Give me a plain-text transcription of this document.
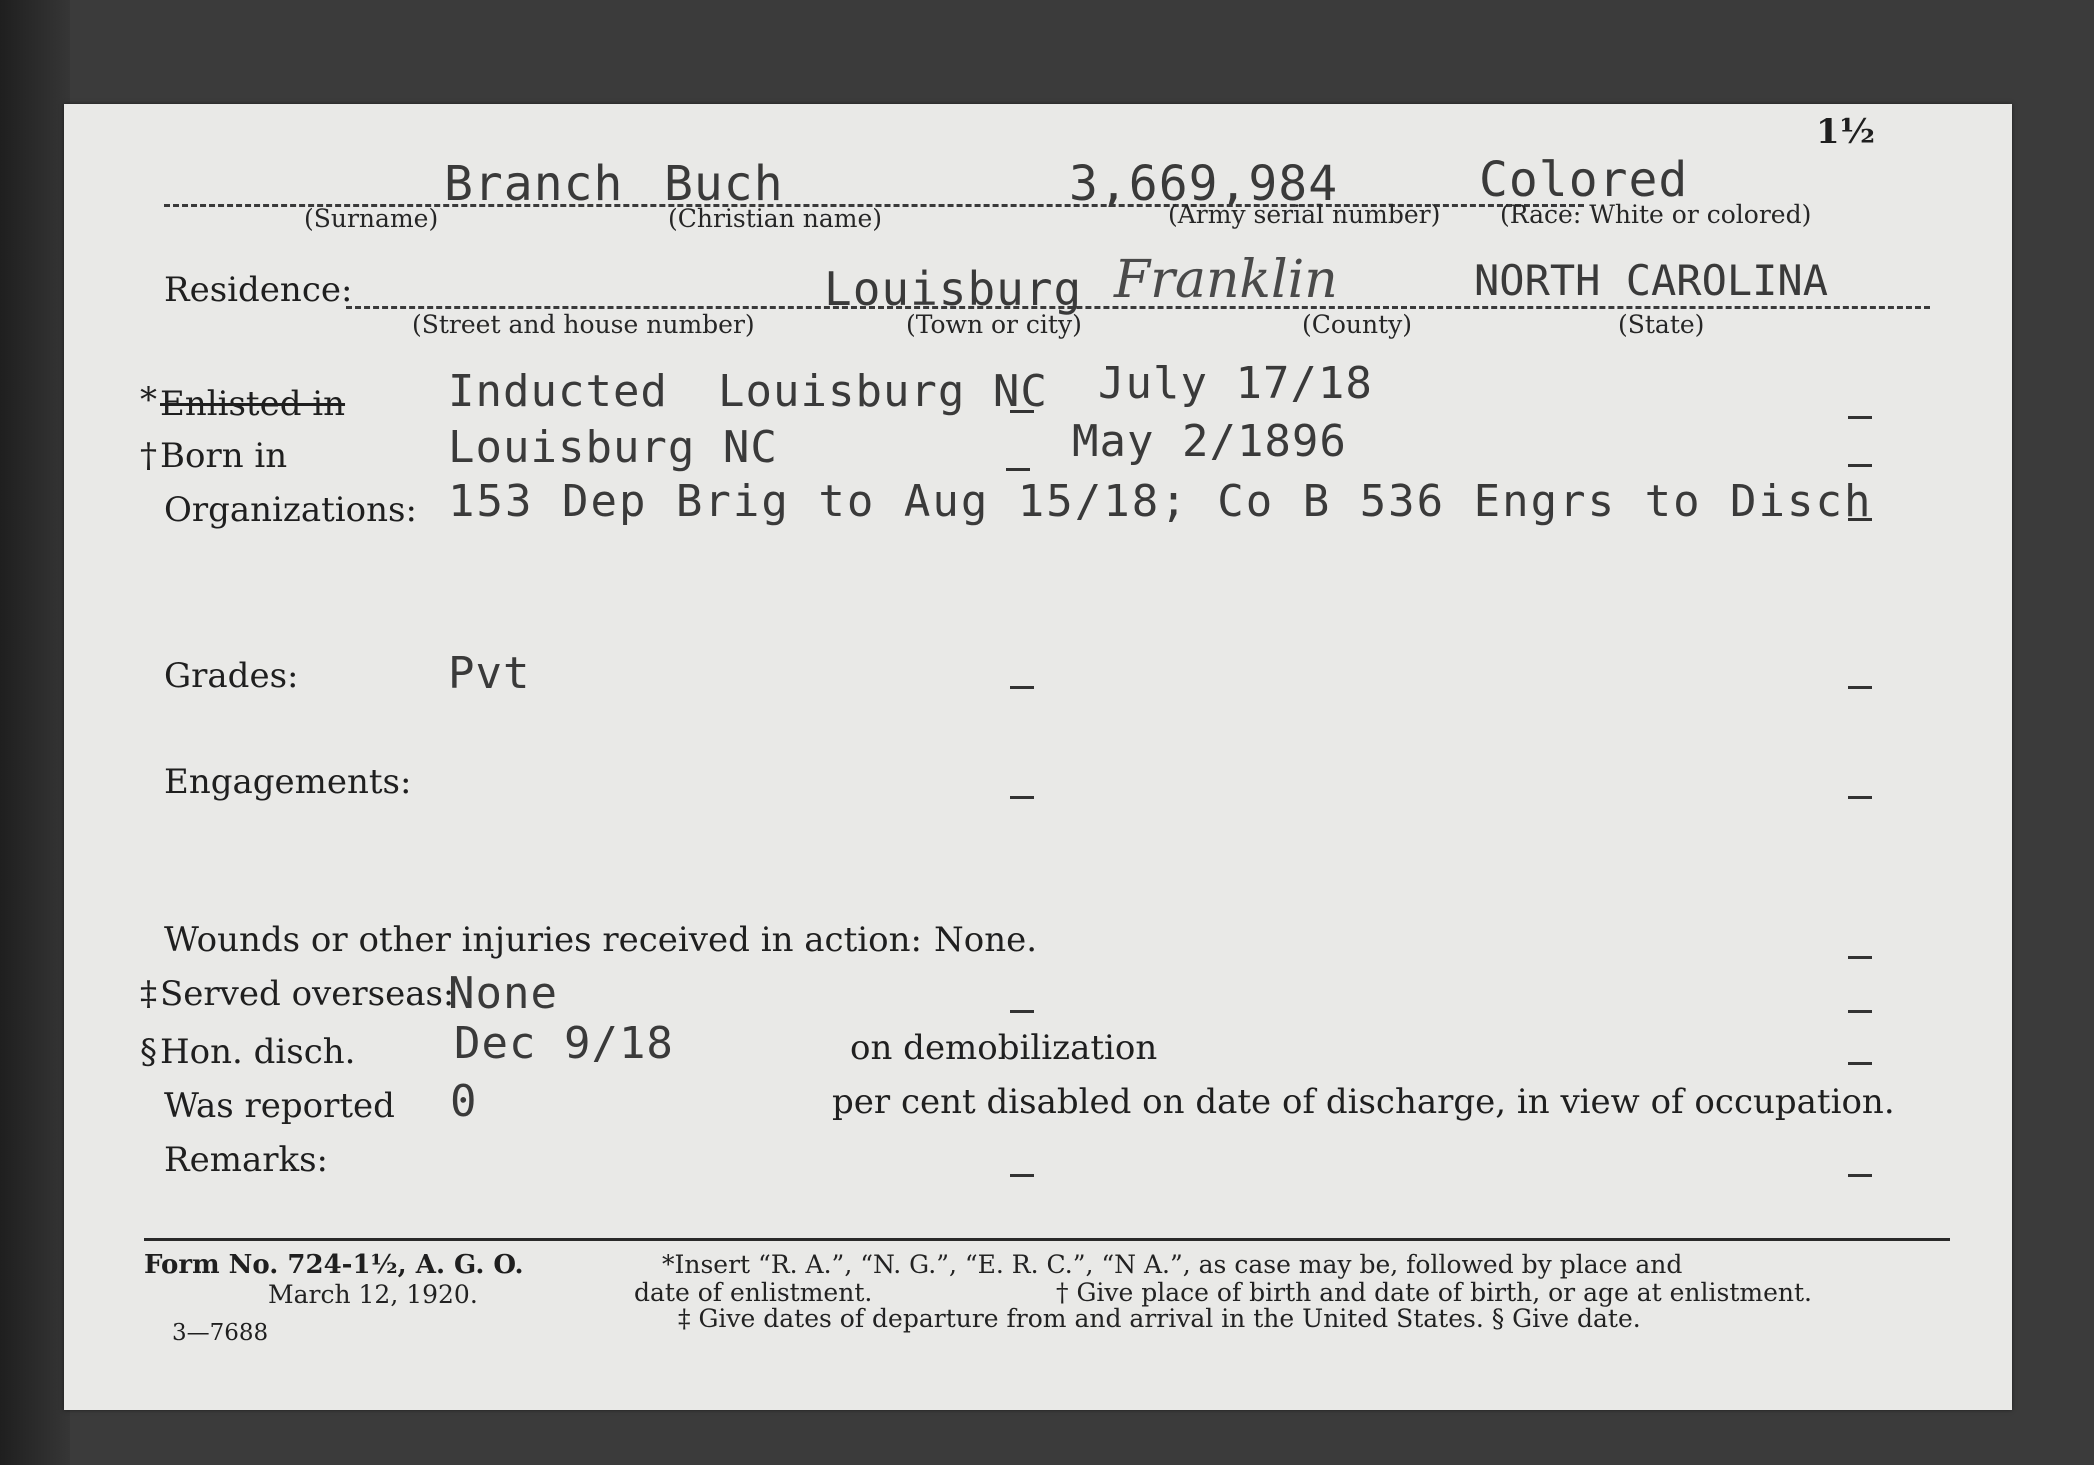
1½
Branch Buch	3,669,984	Colored
(Surname)	(Christian name)	(Army serial number) (Race: White or colored)
Residence:	Louisburg Franklin	NORTH CAROLINA
(Street and house number)	(Town or city)	(County)	(State)
* Enlisted in Inducted Louisburg NC July 17/18
† Born in	Louisburg NC	May 2/1896
Organizations: 153 Dep Brig to Aug 15/18; Co B 536 Engrs to Disch
Grades:	Pvt
Engagements:
Wounds or other injuries received in action: None.
‡ Served overseas:
None
§ Hon. disch. Dec 9/18	on demobilization
Was reported 0	per cent disabled on date of discharge, in view of occupation.
Remarks:
Form No. 724-1½, A. G. O.
March 12, 1920.
3—7688
*Insert “R. A.”, “N. G.”, “E. R. C.”, “N A.”, as case may be, followed by place and
date of enlistment.	† Give place of birth and date of birth, or age at enlistment.
‡ Give dates of departure from and arrival in the United States. § Give date.
